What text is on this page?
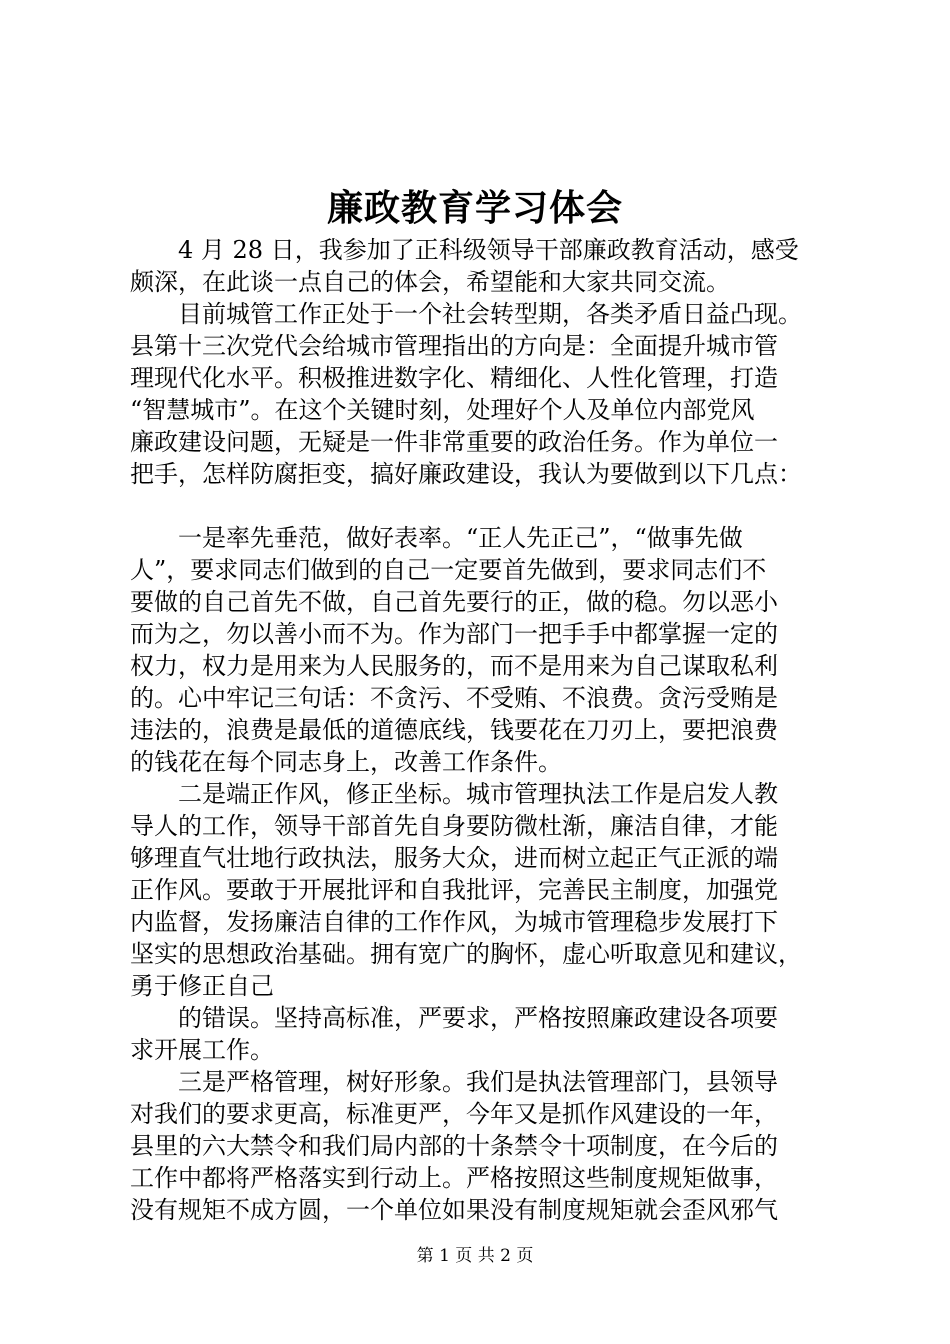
廉政教育学习体会
　　4 月 28 日，我参加了正科级领导干部廉政教育活动，感受
颇深，在此谈一点自己的体会，希望能和大家共同交流。
　　目前城管工作正处于一个社会转型期，各类矛盾日益凸现。
县第十三次党代会给城市管理指出的方向是：全面提升城市管
理现代化水平。积极推进数字化、精细化、人性化管理，打造
“智慧城市”。在这个关键时刻，处理好个人及单位内部党风
廉政建设问题，无疑是一件非常重要的政治任务。作为单位一
把手，怎样防腐拒变，搞好廉政建设，我认为要做到以下几点：
　　一是率先垂范，做好表率。“正人先正己”，“做事先做
人”，要求同志们做到的自己一定要首先做到，要求同志们不
要做的自己首先不做，自己首先要行的正，做的稳。勿以恶小
而为之，勿以善小而不为。作为部门一把手手中都掌握一定的
权力，权力是用来为人民服务的，而不是用来为自己谋取私利
的。心中牢记三句话：不贪污、不受贿、不浪费。贪污受贿是
违法的，浪费是最低的道德底线，钱要花在刀刃上，要把浪费
的钱花在每个同志身上，改善工作条件。
　　二是端正作风，修正坐标。城市管理执法工作是启发人教
导人的工作，领导干部首先自身要防微杜渐，廉洁自律，才能
够理直气壮地行政执法，服务大众，进而树立起正气正派的端
正作风。要敢于开展批评和自我批评，完善民主制度，加强党
内监督，发扬廉洁自律的工作作风，为城市管理稳步发展打下
坚实的思想政治基础。拥有宽广的胸怀，虚心听取意见和建议，
勇于修正自己
　　的错误。坚持高标准，严要求，严格按照廉政建设各项要
求开展工作。
　　三是严格管理，树好形象。我们是执法管理部门，县领导
对我们的要求更高，标准更严，今年又是抓作风建设的一年，
县里的六大禁令和我们局内部的十条禁令十项制度，在今后的
工作中都将严格落实到行动上。严格按照这些制度规矩做事，
没有规矩不成方圆，一个单位如果没有制度规矩就会歪风邪气
第 1 页 共 2 页
